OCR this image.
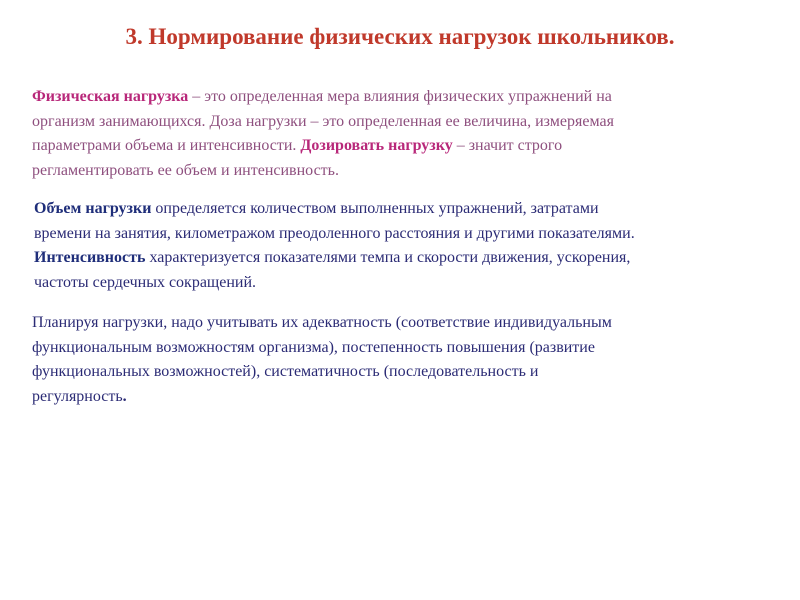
3. Нормирование физических нагрузок школьников.

Физическая нагрузка – это определенная мера влияния физических упражнений на
организм занимающихся. Доза нагрузки – это определенная ее величина, измеряемая
параметрами объема и интенсивности. Дозировать нагрузку – значит строго
регламентировать ее объем и интенсивность.

Объем нагрузки определяется количеством выполненных упражнений, затратами
времени на занятия, километражом преодоленного расстояния и другими показателями.
Интенсивность характеризуется показателями темпа и скорости движения, ускорения,
частоты сердечных сокращений.

Планируя нагрузки, надо учитывать их адекватность (соответствие индивидуальным
функциональным возможностям организма), постепенность повышения (развитие
функциональных возможностей), систематичность (последовательность и
регулярность.
